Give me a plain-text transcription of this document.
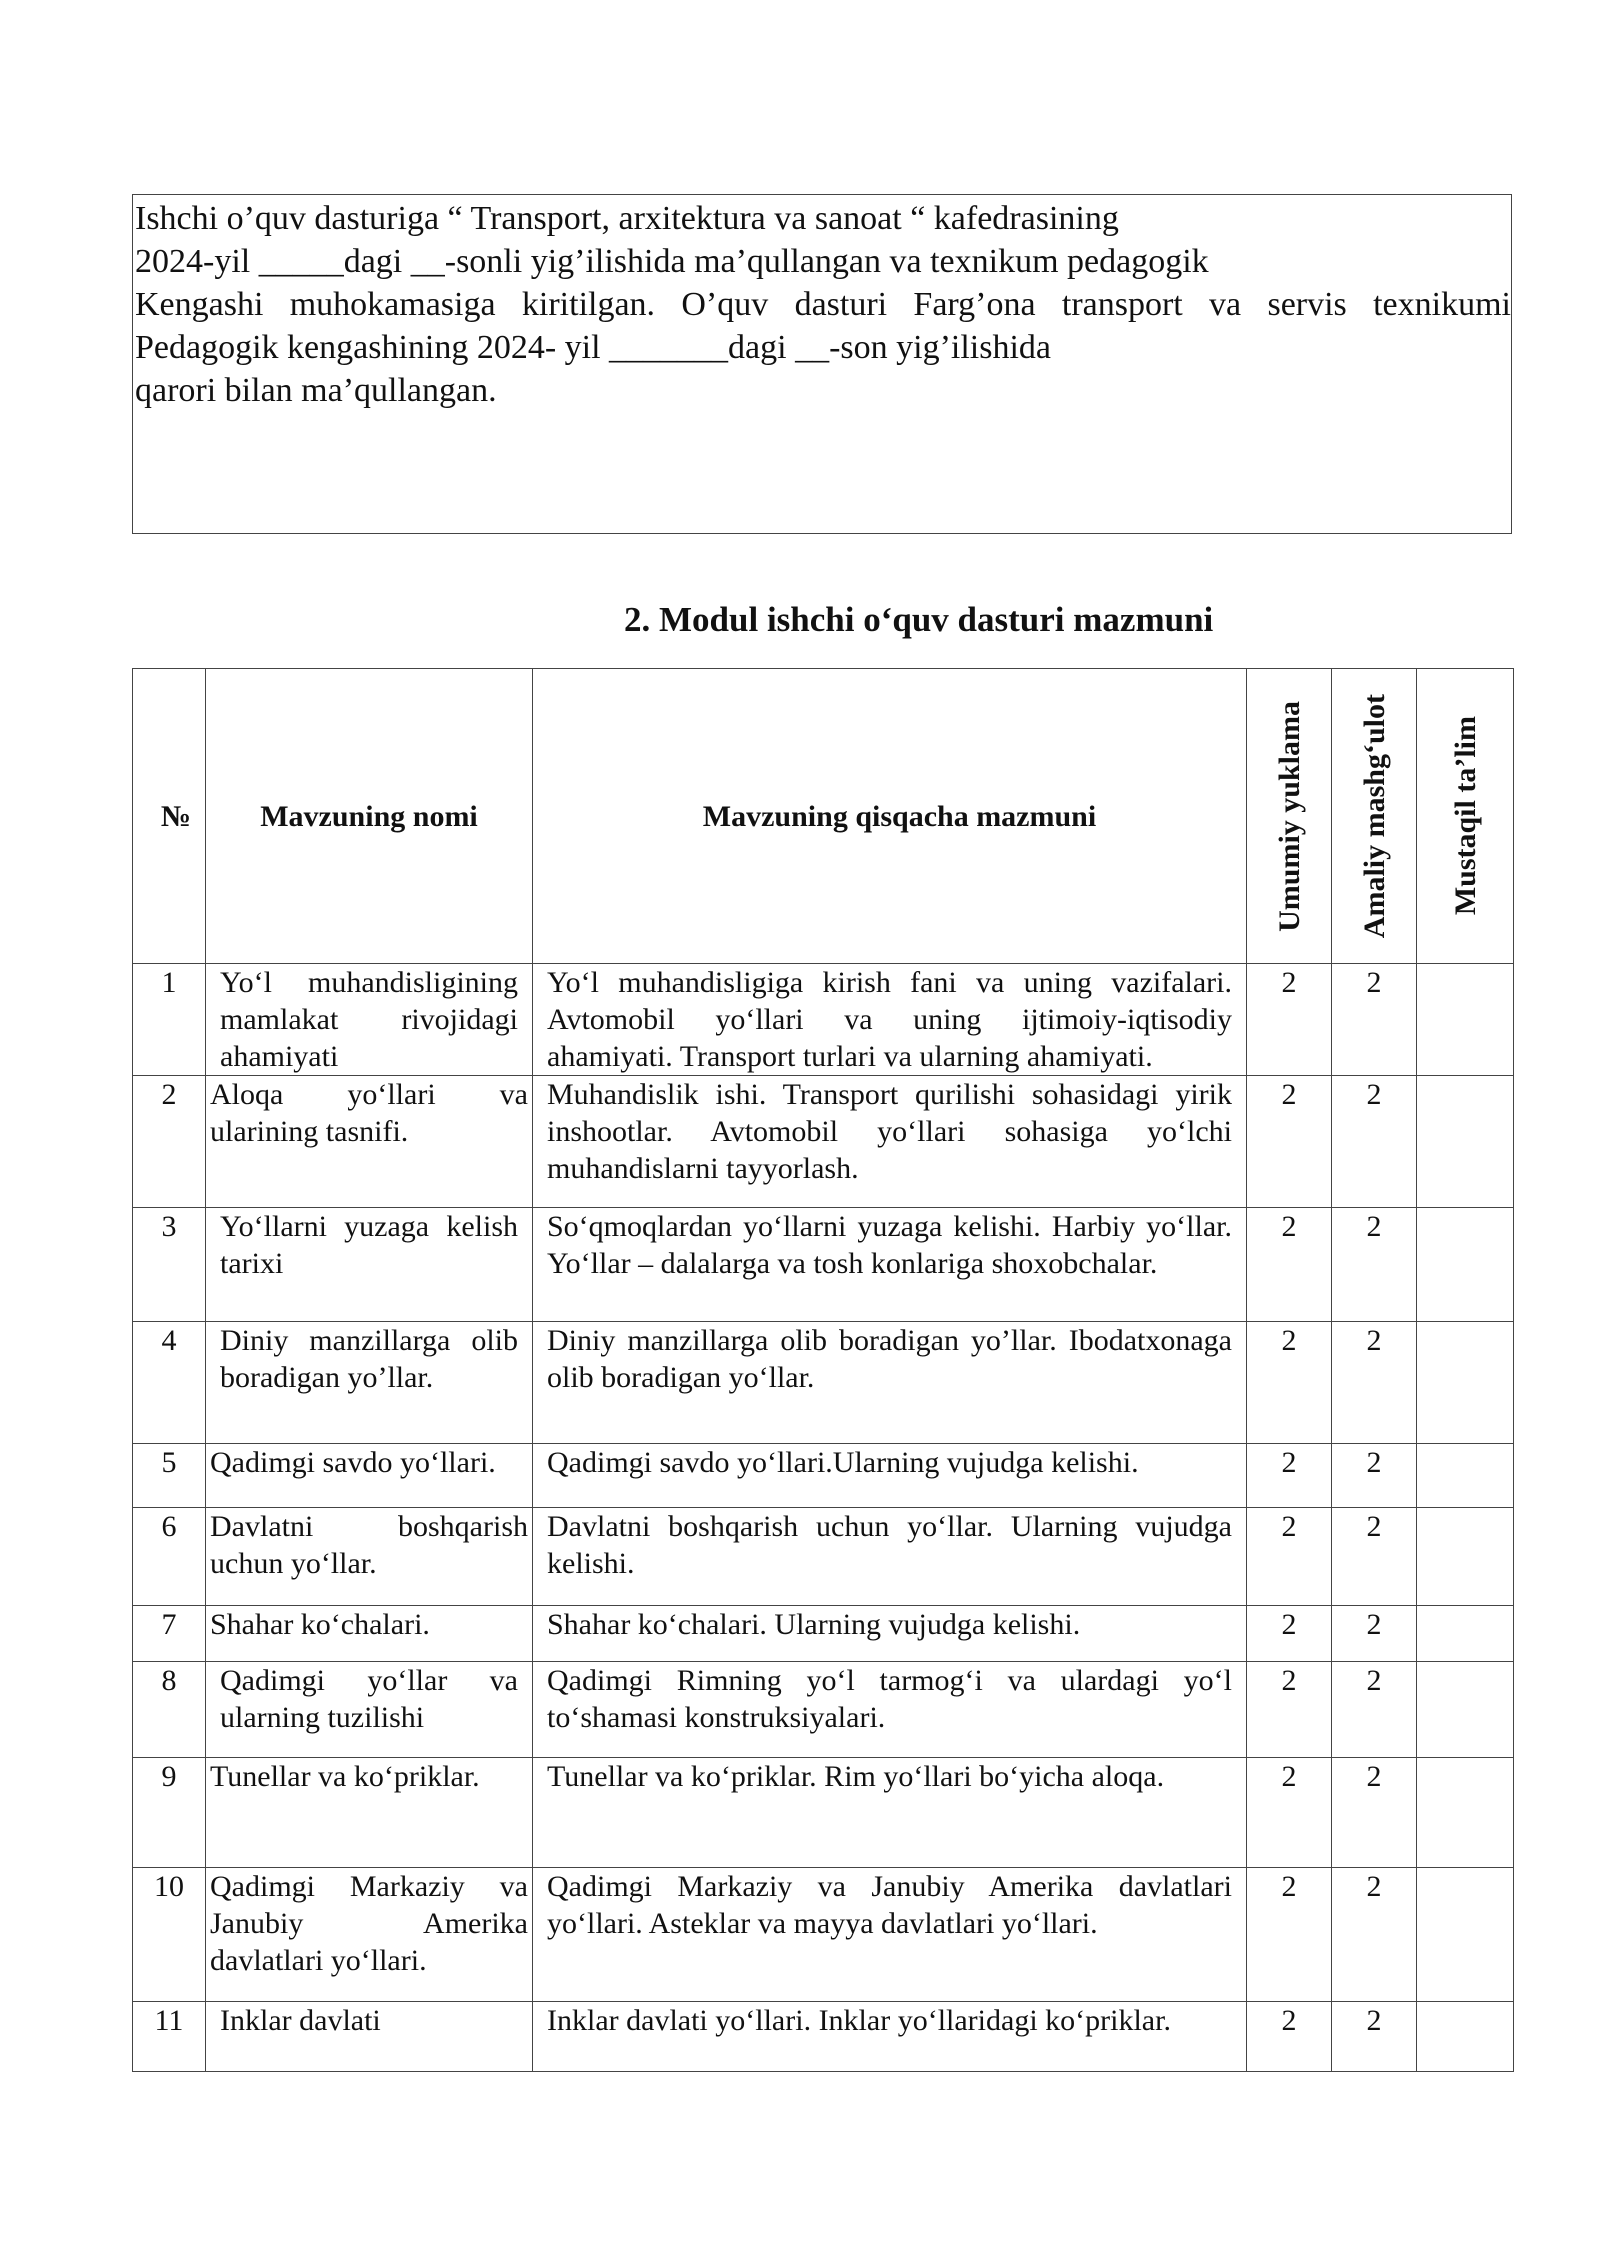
Ishchi o’quv dasturiga “ Transport, arxitektura va sanoat “ kafedrasining
2024-yil _____dagi __-sonli yig’ilishida ma’qullangan va texnikum pedagogik
Kengashi muhokamasiga kiritilgan. O’quv dasturi Farg’ona transport va servis texnikumi
Pedagogik kengashining 2024- yil _______dagi __-son yig’ilishida
qarori bilan ma’qullangan.
2. Modul ishchi o‘quv dasturi mazmuni
№	Mavzuning nomi	Mavzuning qisqacha mazmuni	Umumiy yuklama	Amaliy mashg‘ulot	Mustaqil ta’lim

1	Yo‘l muhandisligining mamlakat rivojidagi ahamiyati	Yo‘l muhandisligiga kirish fani va uning vazifalari. Avtomobil yo‘llari va uning ijtimoiy-iqtisodiy ahamiyati. Transport turlari va ularning ahamiyati.	2	2	
2	Aloqa yo‘llari va ularining tasnifi.	Muhandislik ishi. Transport qurilishi sohasidagi yirik inshootlar. Avtomobil yo‘llari sohasiga yo‘lchi muhandislarni tayyorlash.	2	2	
3	Yo‘llarni yuzaga kelish tarixi	So‘qmoqlardan yo‘llarni yuzaga kelishi. Harbiy yo‘llar. Yo‘llar – dalalarga va tosh konlariga shoxobchalar.	2	2	
4	Diniy manzillarga olib boradigan yo’llar.	Diniy manzillarga olib boradigan yo’llar. Ibodatxonaga olib boradigan yo‘llar.	2	2	
5	Qadimgi savdo yo‘llari.	Qadimgi savdo yo‘llari.Ularning vujudga kelishi.	2	2	
6	Davlatni boshqarish uchun yo‘llar.	Davlatni boshqarish uchun yo‘llar. Ularning vujudga kelishi.	2	2	
7	Shahar ko‘chalari.	Shahar ko‘chalari. Ularning vujudga kelishi.	2	2	
8	Qadimgi yo‘llar va ularning tuzilishi	Qadimgi Rimning yo‘l tarmog‘i va ulardagi yo‘l to‘shamasi konstruksiyalari.	2	2	
9	Tunellar va ko‘priklar.	Tunellar va ko‘priklar. Rim yo‘llari bo‘yicha aloqa.	2	2	
10	Qadimgi Markaziy va Janubiy Amerika davlatlari yo‘llari.	Qadimgi Markaziy va Janubiy Amerika davlatlari yo‘llari. Asteklar va mayya davlatlari yo‘llari.	2	2	
11	Inklar davlati	Inklar davlati yo‘llari. Inklar yo‘llaridagi ko‘priklar.	2	2	
